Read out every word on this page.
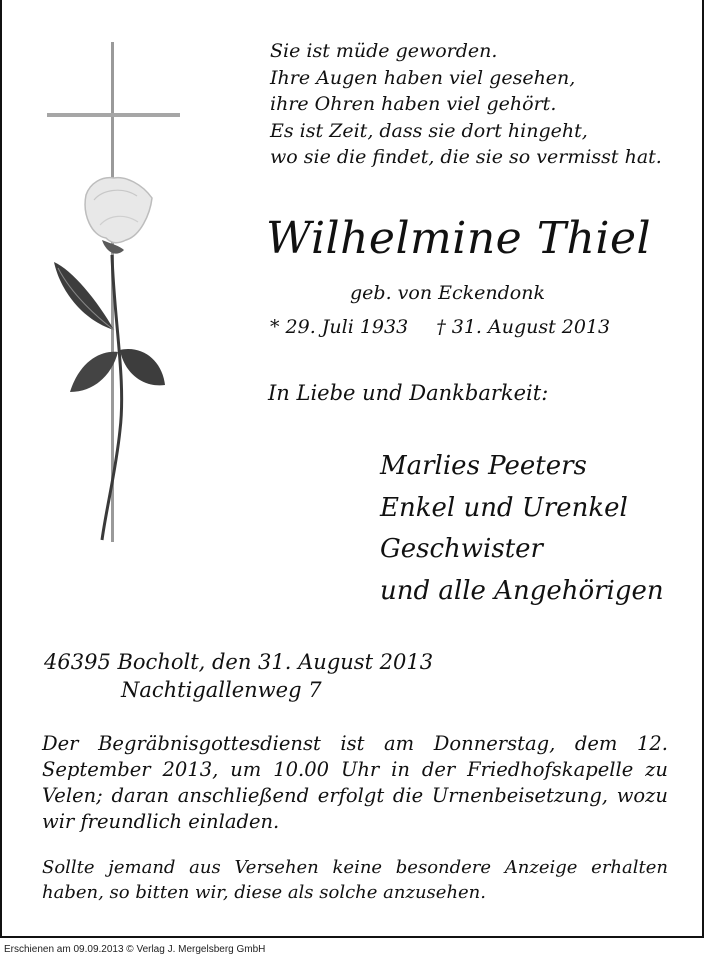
Sie ist müde geworden.
Ihre Augen haben viel gesehen,
ihre Ohren haben viel gehört.
Es ist Zeit, dass sie dort hingeht,
wo sie die findet, die sie so vermisst hat.
Wilhelmine Thiel
geb. von Eckendonk
* 29. Juli 1933 † 31. August 2013
In Liebe und Dankbarkeit:
Marlies Peeters
Enkel und Urenkel
Geschwister
und alle Angehörigen
46395 Bocholt, den 31. August 2013
Nachtigallenweg 7
Der Begräbnisgottesdienst ist am Donnerstag, dem 12. September 2013, um 10.00 Uhr in der Friedhofskapelle zu Velen; daran anschließend erfolgt die Urnenbeisetzung, wozu wir freundlich einladen.
Sollte jemand aus Versehen keine besondere Anzeige erhalten haben, so bitten wir, diese als solche anzusehen.
Erschienen am 09.09.2013 © Verlag J. Mergelsberg GmbH
